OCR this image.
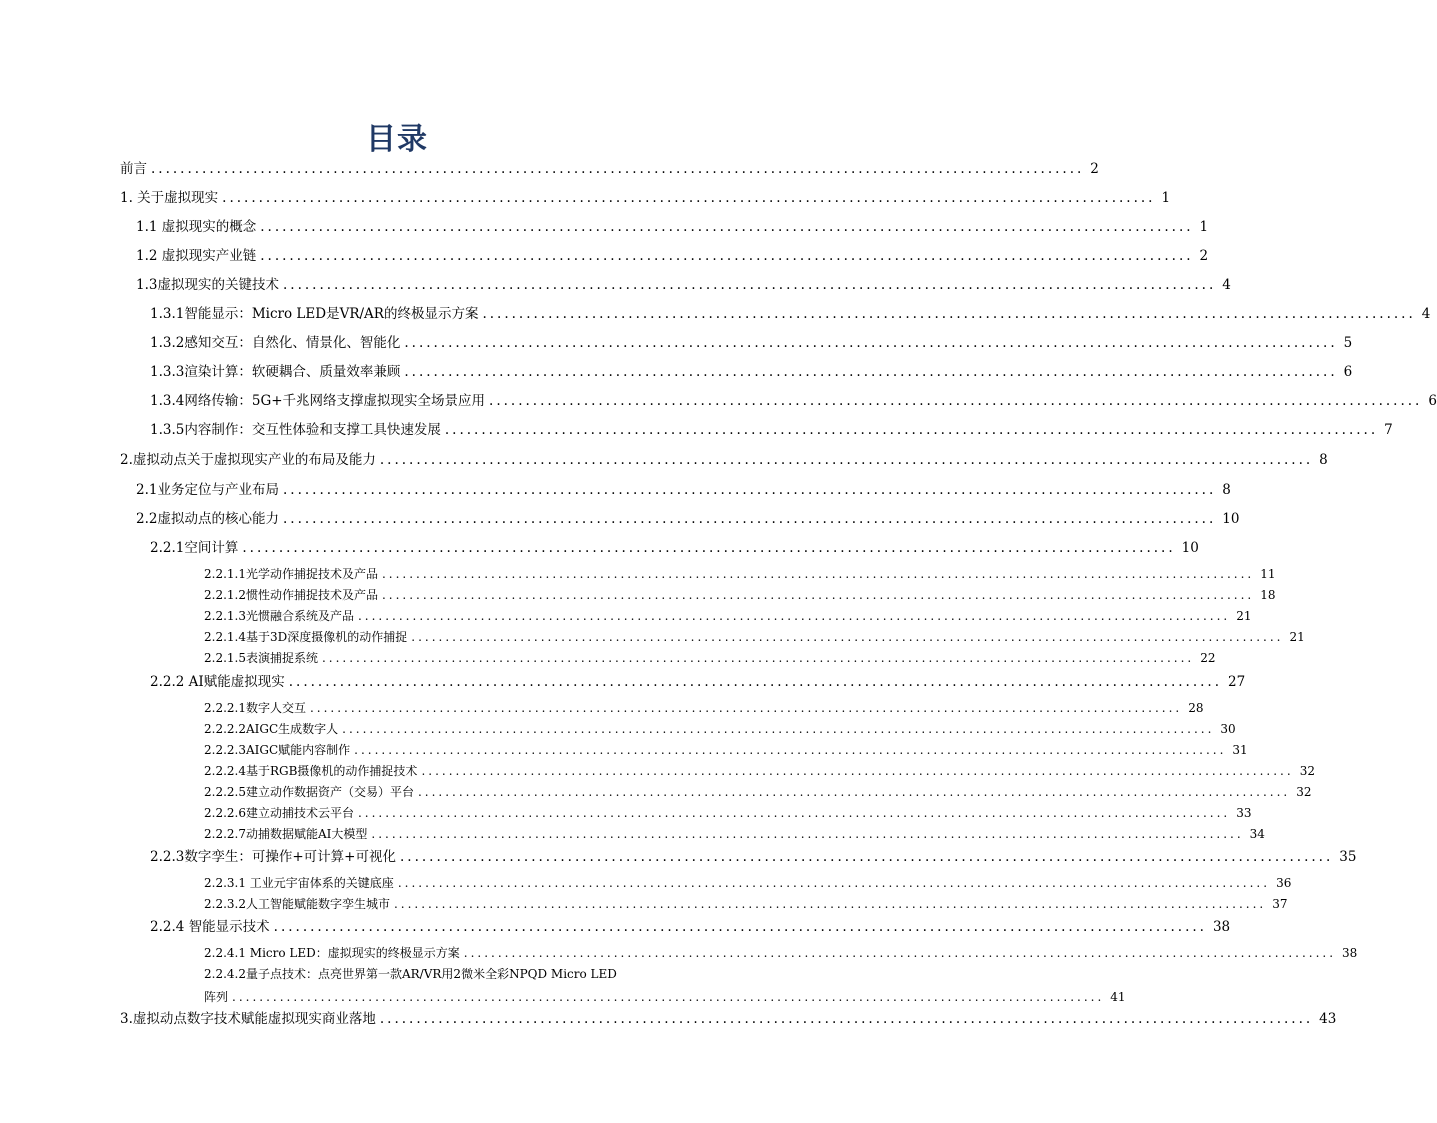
目录
前言 ................................................................................................................................ 2
1. 关于虚拟现实 ................................................................................................................................ 1
1.1 虚拟现实的概念 ................................................................................................................................ 1
1.2 虚拟现实产业链 ................................................................................................................................ 2
1.3虚拟现实的关键技术 ................................................................................................................................ 4
1.3.1智能显示：Micro LED是VR/AR的终极显示方案 ................................................................................................................................ 4
1.3.2感知交互：自然化、情景化、智能化 ................................................................................................................................ 5
1.3.3渲染计算：软硬耦合、质量效率兼顾 ................................................................................................................................ 6
1.3.4网络传输：5G+千兆网络支撑虚拟现实全场景应用 ................................................................................................................................ 6
1.3.5内容制作：交互性体验和支撑工具快速发展 ................................................................................................................................ 7
2.虚拟动点关于虚拟现实产业的布局及能力 ................................................................................................................................ 8
2.1业务定位与产业布局 ................................................................................................................................ 8
2.2虚拟动点的核心能力 ................................................................................................................................ 10
2.2.1空间计算 ................................................................................................................................ 10
2.2.1.1光学动作捕捉技术及产品 ................................................................................................................................ 11
2.2.1.2惯性动作捕捉技术及产品 ................................................................................................................................ 18
2.2.1.3光惯融合系统及产品 ................................................................................................................................ 21
2.2.1.4基于3D深度摄像机的动作捕捉 ................................................................................................................................ 21
2.2.1.5表演捕捉系统 ................................................................................................................................ 22
2.2.2 AI赋能虚拟现实 ................................................................................................................................ 27
2.2.2.1数字人交互 ................................................................................................................................ 28
2.2.2.2AIGC生成数字人 ................................................................................................................................ 30
2.2.2.3AIGC赋能内容制作 ................................................................................................................................ 31
2.2.2.4基于RGB摄像机的动作捕捉技术 ................................................................................................................................ 32
2.2.2.5建立动作数据资产（交易）平台 ................................................................................................................................ 32
2.2.2.6建立动捕技术云平台 ................................................................................................................................ 33
2.2.2.7动捕数据赋能AI大模型 ................................................................................................................................ 34
2.2.3数字孪生：可操作+可计算+可视化 ................................................................................................................................ 35
2.2.3.1 工业元宇宙体系的关键底座 ................................................................................................................................ 36
2.2.3.2人工智能赋能数字孪生城市 ................................................................................................................................ 37
2.2.4 智能显示技术 ................................................................................................................................ 38
2.2.4.1 Micro LED：虚拟现实的终极显示方案 ................................................................................................................................ 38
2.2.4.2量子点技术：点亮世界第一款AR/VR用2微米全彩NPQD Micro LED
阵列 ................................................................................................................................ 41
3.虚拟动点数字技术赋能虚拟现实商业落地 ................................................................................................................................ 43
